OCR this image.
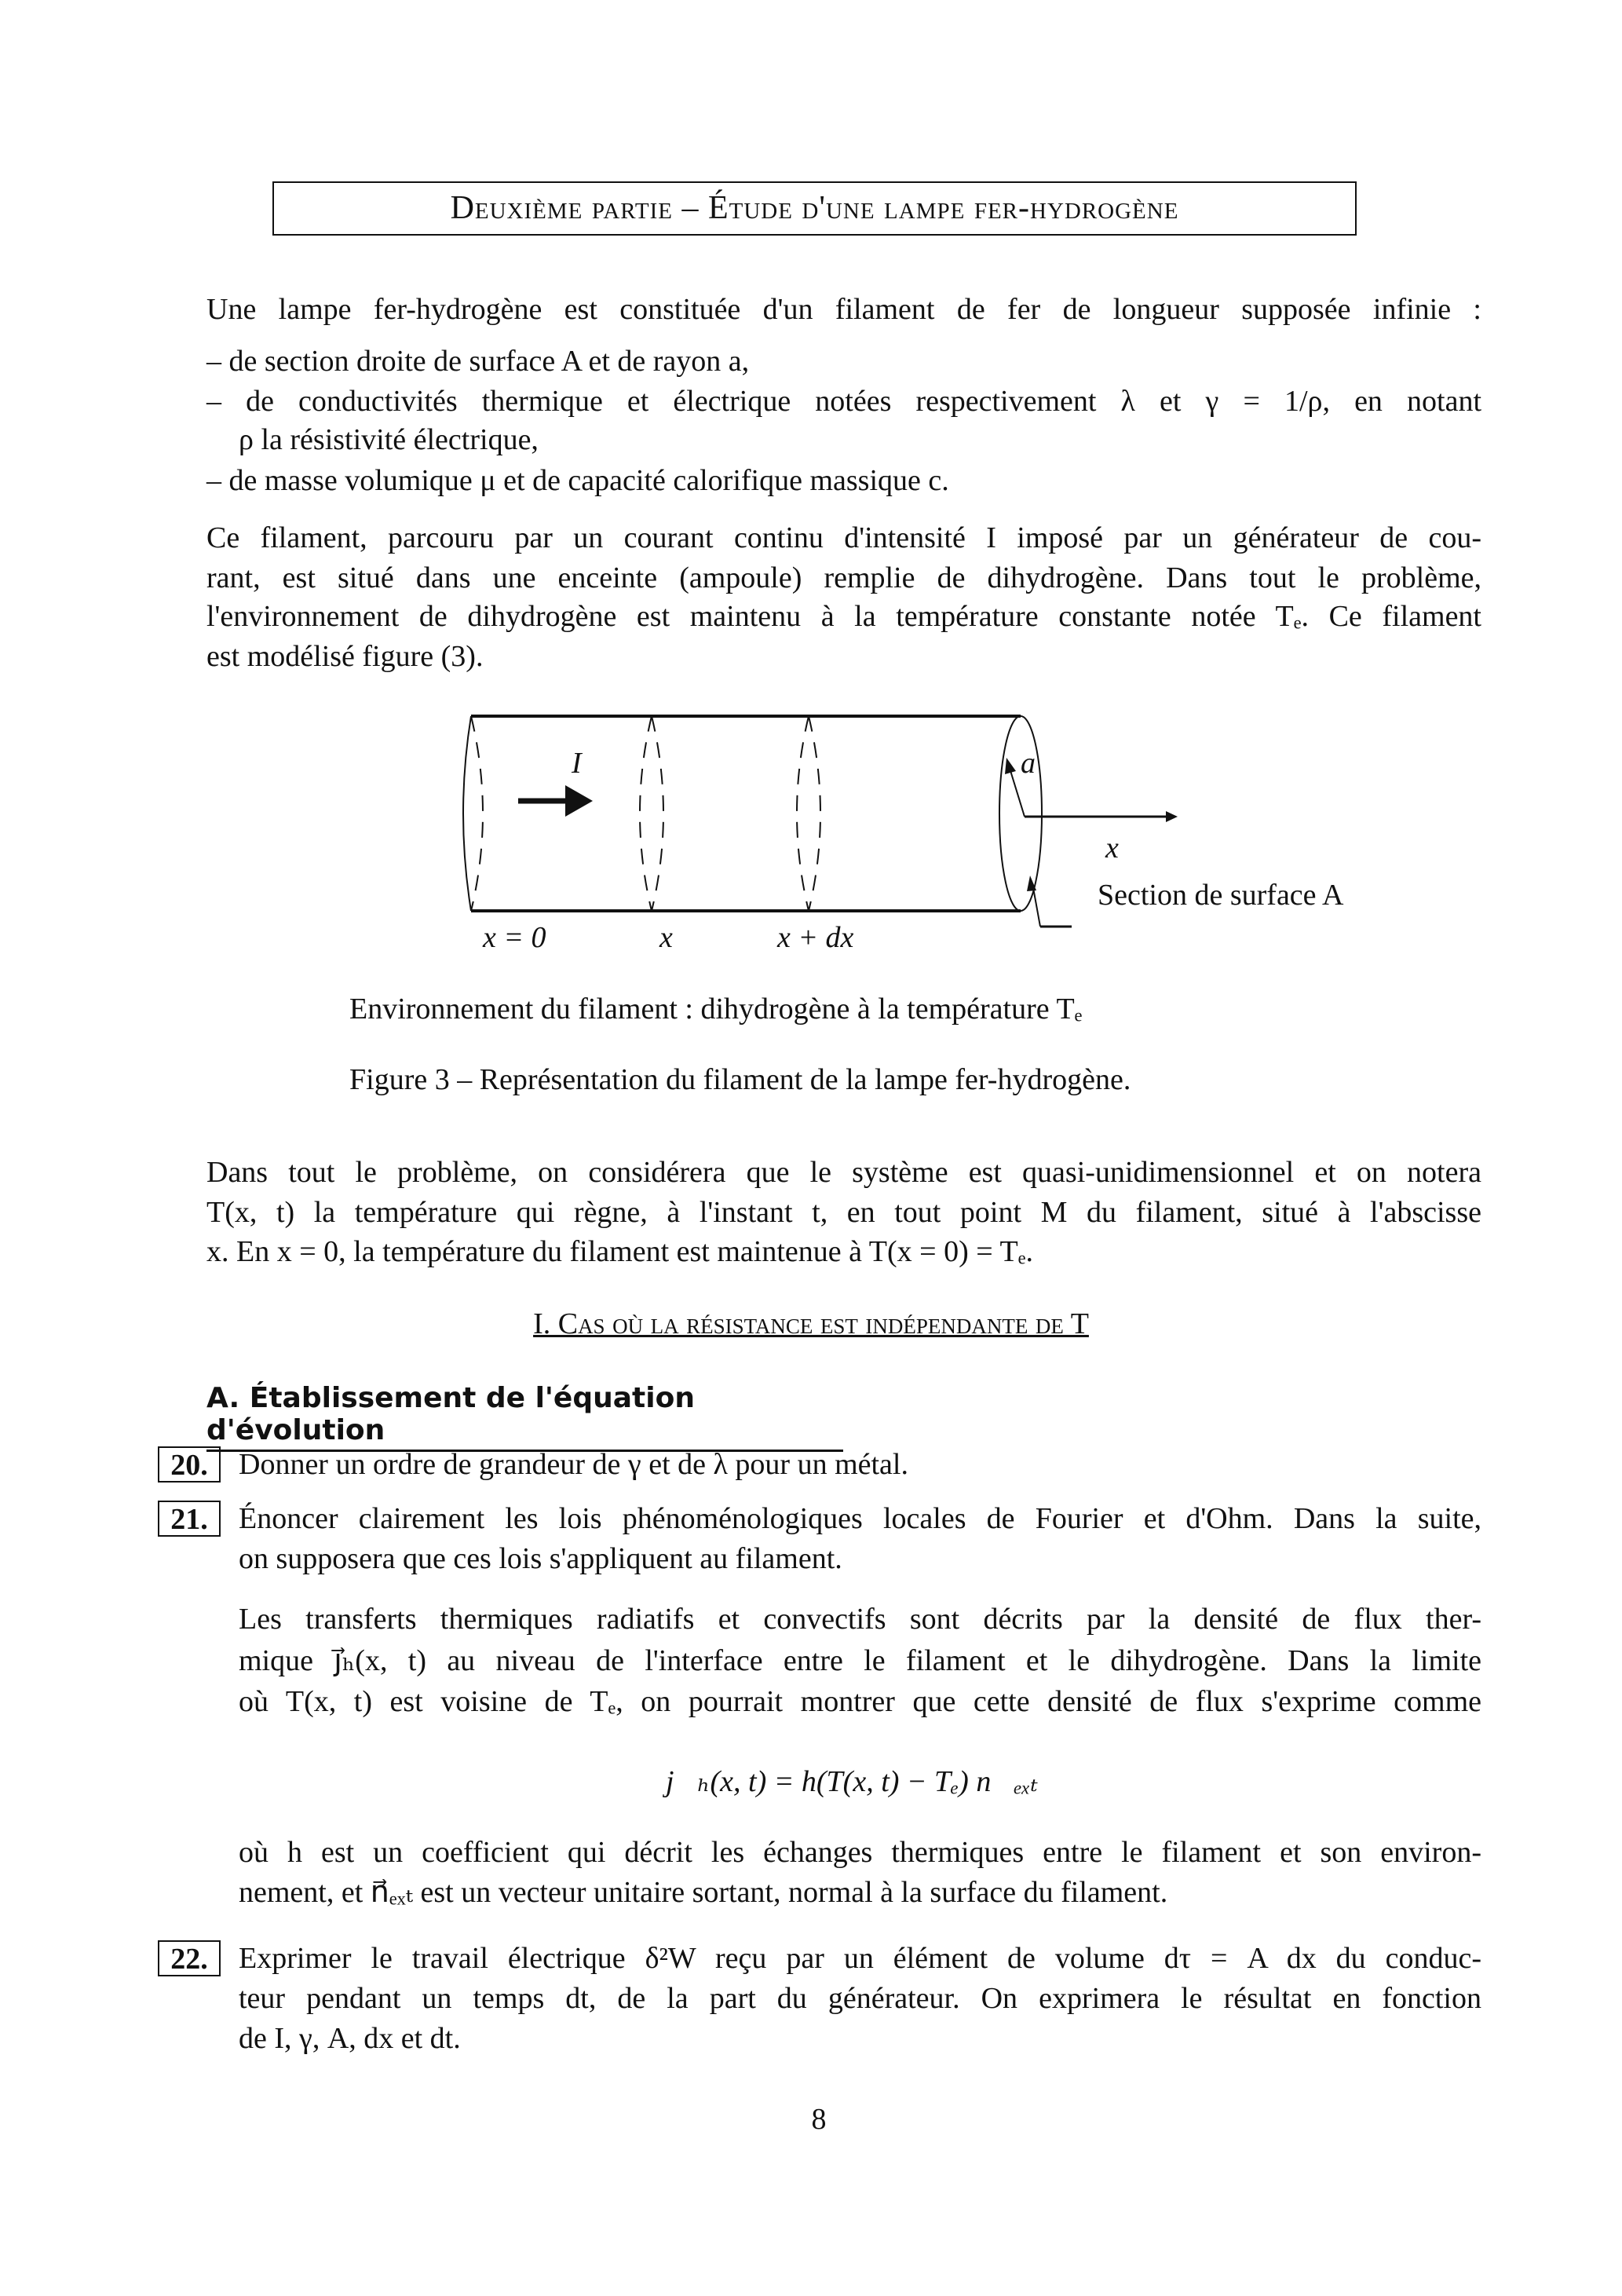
Deuxième partie – Étude d'une lampe fer-hydrogène
Une lampe fer-hydrogène est constituée d'un filament de fer de longueur supposée infinie :
– de section droite de surface A et de rayon a,
– de conductivités thermique et électrique notées respectivement λ et γ = 1/ρ, en notant
ρ la résistivité électrique,
– de masse volumique μ et de capacité calorifique massique c.
Ce filament, parcouru par un courant continu d'intensité I imposé par un générateur de cou-
rant, est situé dans une enceinte (ampoule) remplie de dihydrogène. Dans tout le problème,
l'environnement de dihydrogène est maintenu à la température constante notée Tₑ. Ce filament
est modélisé figure (3).
I	a
x
Section de surface A
x = 0	x	x + dx
Environnement du filament : dihydrogène à la température Tₑ
Figure 3 – Représentation du filament de la lampe fer-hydrogène.
Dans tout le problème, on considérera que le système est quasi-unidimensionnel et on notera
T(x, t) la température qui règne, à l'instant t, en tout point M du filament, situé à l'abscisse
x. En x = 0, la température du filament est maintenue à T(x = 0) = Tₑ.
I. Cas où la résistance est indépendante de T
A. Établissement de l'équation d'évolution
20.	Donner un ordre de grandeur de γ et de λ pour un métal.
21.	Énoncer clairement les lois phénoménologiques locales de Fourier et d'Ohm. Dans la suite,
on supposera que ces lois s'appliquent au filament.
Les transferts thermiques radiatifs et convectifs sont décrits par la densité de flux ther-
mique j⃗ₕ(x, t) au niveau de l'interface entre le filament et le dihydrogène. Dans la limite
où T(x, t) est voisine de Tₑ, on pourrait montrer que cette densité de flux s'exprime comme
j⃗ₕ(x, t) = h(T(x, t) − Tₑ) n⃗ₑₓₜ
où h est un coefficient qui décrit les échanges thermiques entre le filament et son environ-
nement, et n⃗ₑₓₜ est un vecteur unitaire sortant, normal à la surface du filament.
22.	Exprimer le travail électrique δ²W reçu par un élément de volume dτ = A dx du conduc-
teur pendant un temps dt, de la part du générateur. On exprimera le résultat en fonction
de I, γ, A, dx et dt.
8
